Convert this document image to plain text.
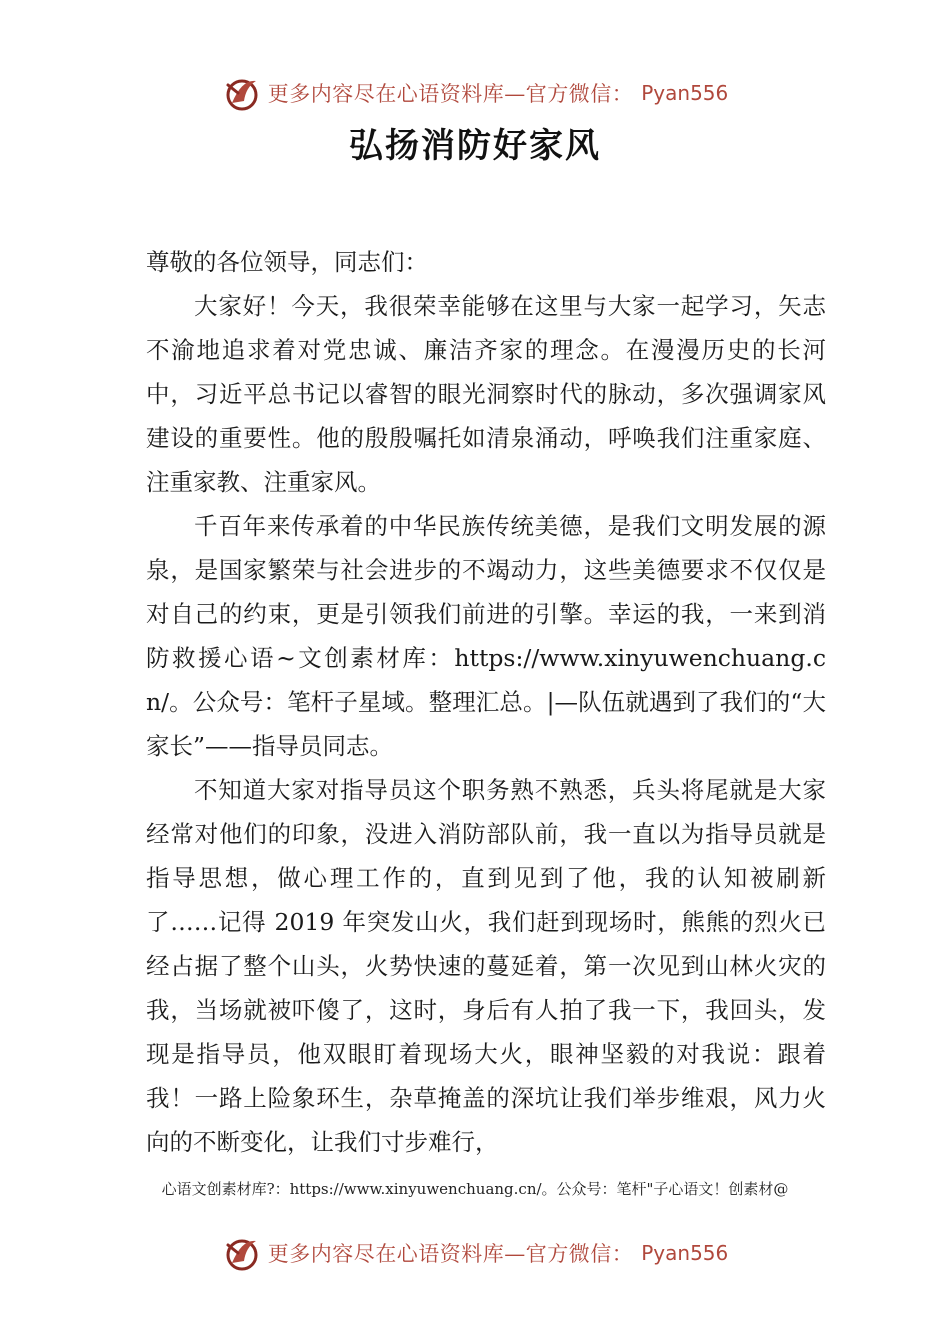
更多内容尽在心语资料库—官方微信： Pyan556
弘扬消防好家风

尊敬的各位领导，同志们：

大家好！今天，我很荣幸能够在这里与大家一起学习，矢志不渝地追求着对党忠诚、廉洁齐家的理念。在漫漫历史的长河中，习近平总书记以睿智的眼光洞察时代的脉动，多次强调家风建设的重要性。他的殷殷嘱托如清泉涌动，呼唤我们注重家庭、注重家教、注重家风。

千百年来传承着的中华民族传统美德，是我们文明发展的源泉，是国家繁荣与社会进步的不竭动力，这些美德要求不仅仅是对自己的约束，更是引领我们前进的引擎。幸运的我，一来到消防救援心语~文创素材库：https://www.xinyuwenchuang.cn/。公众号：笔杆子星域。整理汇总。|—队伍就遇到了我们的“大家长”——指导员同志。

不知道大家对指导员这个职务熟不熟悉，兵头将尾就是大家经常对他们的印象，没进入消防部队前，我一直以为指导员就是指导思想，做心理工作的，直到见到了他，我的认知被刷新了……记得 2019 年突发山火，我们赶到现场时，熊熊的烈火已经占据了整个山头，火势快速的蔓延着，第一次见到山林火灾的我，当场就被吓傻了，这时，身后有人拍了我一下，我回头，发现是指导员，他双眼盯着现场大火，眼神坚毅的对我说：跟着我！一路上险象环生，杂草掩盖的深坑让我们举步维艰，风力火向的不断变化，让我们寸步难行，

心语文创素材库?：https://www.xinyuwenchuang.cn/。公众号：笔杆"子心语文！创素材@
更多内容尽在心语资料库—官方微信： Pyan556
